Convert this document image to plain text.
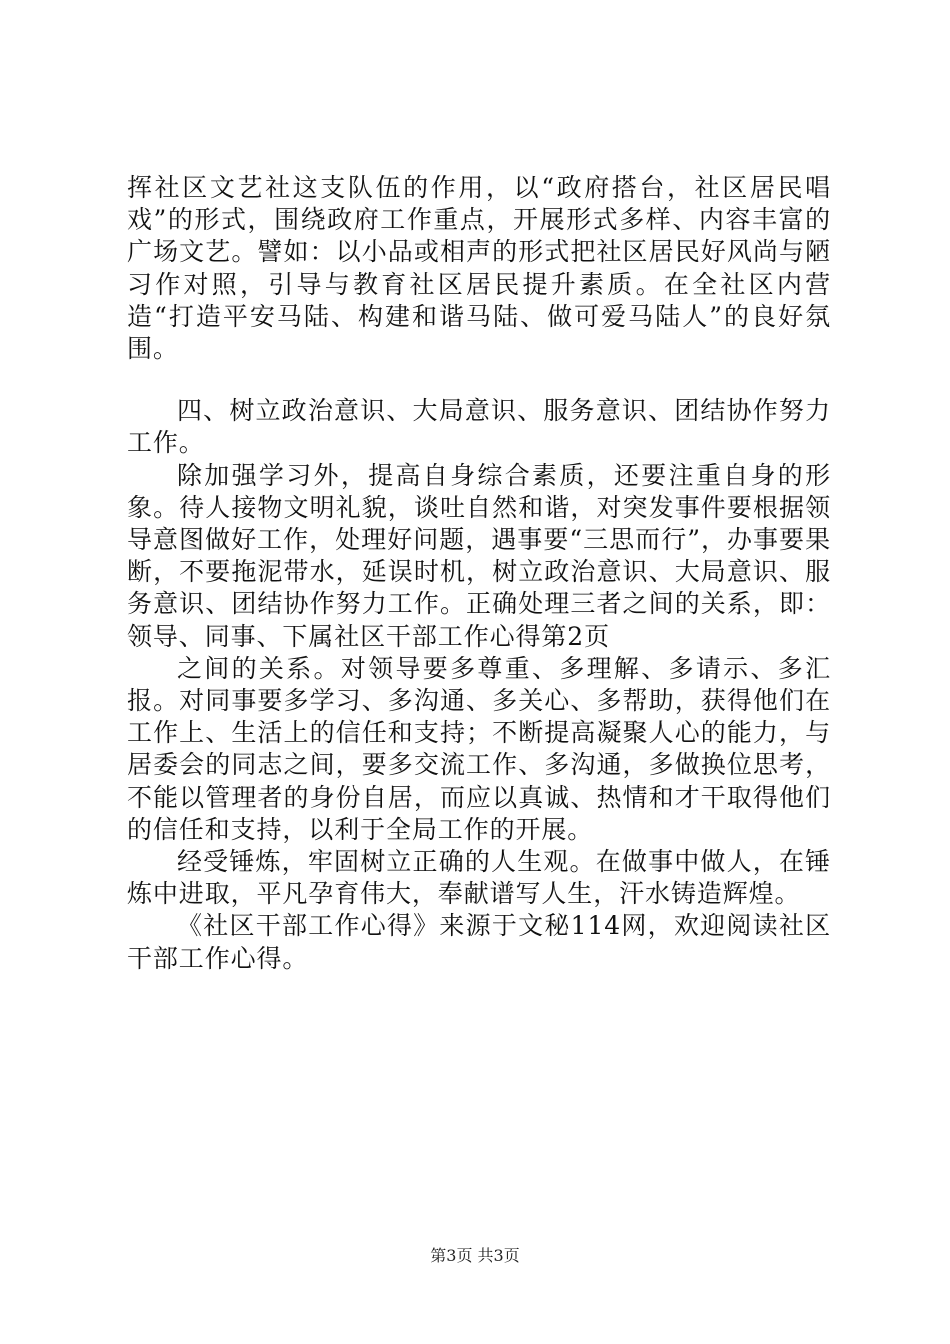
挥社区文艺社这支队伍的作用，以“政府搭台，社区居民唱戏”的形式，围绕政府工作重点，开展形式多样、内容丰富的广场文艺。譬如：以小品或相声的形式把社区居民好风尚与陋习作对照，引导与教育社区居民提升素质。在全社区内营造“打造平安马陆、构建和谐马陆、做可爱马陆人”的良好氛围。

四、树立政治意识、大局意识、服务意识、团结协作努力工作。

除加强学习外，提高自身综合素质，还要注重自身的形象。待人接物文明礼貌，谈吐自然和谐，对突发事件要根据领导意图做好工作，处理好问题，遇事要“三思而行”，办事要果断，不要拖泥带水，延误时机，树立政治意识、大局意识、服务意识、团结协作努力工作。正确处理三者之间的关系，即：领导、同事、下属社区干部工作心得第2页

之间的关系。对领导要多尊重、多理解、多请示、多汇报。对同事要多学习、多沟通、多关心、多帮助，获得他们在工作上、生活上的信任和支持；不断提高凝聚人心的能力，与居委会的同志之间，要多交流工作、多沟通，多做换位思考，不能以管理者的身份自居，而应以真诚、热情和才干取得他们的信任和支持，以利于全局工作的开展。

经受锤炼，牢固树立正确的人生观。在做事中做人，在锤炼中进取，平凡孕育伟大，奉献谱写人生，汗水铸造辉煌。

《社区干部工作心得》来源于文秘114网，欢迎阅读社区干部工作心得。

第3页 共3页
